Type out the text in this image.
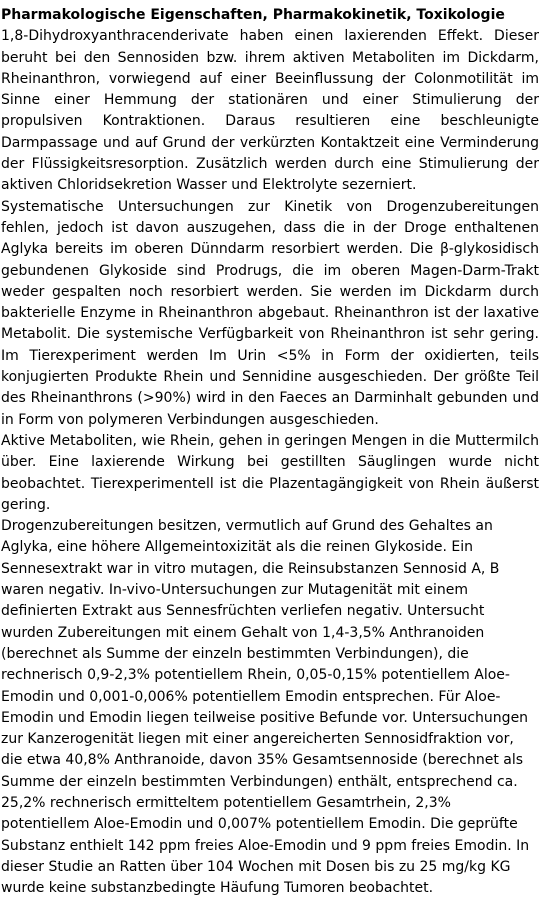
Pharmakologische Eigenschaften, Pharmakokinetik, Toxikologie

1,8-Dihydroxyanthracenderivate haben einen laxierenden Effekt. Dieser beruht bei den Sennosiden bzw. ihrem aktiven Metaboliten im Dickdarm, Rheinanthron, vorwiegend auf einer Beeinflussung der Colonmotilität im Sinne einer Hemmung der stationären und einer Stimulierung der propulsiven Kontraktionen. Daraus resultieren eine beschleunigte Darmpassage und auf Grund der verkürzten Kontaktzeit eine Verminderung der Flüssigkeitsresorption. Zusätzlich werden durch eine Stimulierung der aktiven Chloridsekretion Wasser und Elektrolyte sezerniert.

Systematische Untersuchungen zur Kinetik von Drogenzubereitungen fehlen, jedoch ist davon auszugehen, dass die in der Droge enthaltenen Aglyka bereits im oberen Dünndarm resorbiert werden. Die β-glykosidisch gebundenen Glykoside sind Prodrugs, die im oberen Magen-Darm-Trakt weder gespalten noch resorbiert werden. Sie werden im Dickdarm durch bakterielle Enzyme in Rheinanthron abgebaut. Rheinanthron ist der laxative Metabolit. Die systemische Verfügbarkeit von Rheinanthron ist sehr gering. Im Tierexperiment werden Im Urin <5% in Form der oxidierten, teils konjugierten Produkte Rhein und Sennidine ausgeschieden. Der größte Teil des Rheinanthrons (>90%) wird in den Faeces an Darminhalt gebunden und in Form von polymeren Verbindungen ausgeschieden.

Aktive Metaboliten, wie Rhein, gehen in geringen Mengen in die Muttermilch über. Eine laxierende Wirkung bei gestillten Säuglingen wurde nicht beobachtet. Tierexperimentell ist die Plazentagängigkeit von Rhein äußerst gering.

Drogenzubereitungen besitzen, vermutlich auf Grund des Gehaltes an Aglyka, eine höhere Allgemeintoxizität als die reinen Glykoside. Ein Sennesextrakt war in vitro mutagen, die Reinsubstanzen Sennosid A, B waren negativ. In-vivo-Untersuchungen zur Mutagenität mit einem definierten Extrakt aus Sennesfrüchten verliefen negativ. Untersucht wurden Zubereitungen mit einem Gehalt von 1,4-3,5% Anthranoiden (berechnet als Summe der einzeln bestimmten Verbindungen), die rechnerisch 0,9-2,3% potentiellem Rhein, 0,05-0,15% potentiellem Aloe-Emodin und 0,001-0,006% potentiellem Emodin entsprechen. Für Aloe-Emodin und Emodin liegen teilweise positive Befunde vor. Untersuchungen zur Kanzerogenität liegen mit einer angereicherten Sennosidfraktion vor, die etwa 40,8% Anthranoide, davon 35% Gesamtsennoside (berechnet als Summe der einzeln bestimmten Verbindungen) enthält, entsprechend ca. 25,2% rechnerisch ermitteltem potentiellem Gesamtrhein, 2,3% potentiellem Aloe-Emodin und 0,007% potentiellem Emodin. Die geprüfte Substanz enthielt 142 ppm freies Aloe-Emodin und 9 ppm freies Emodin. In dieser Studie an Ratten über 104 Wochen mit Dosen bis zu 25 mg/kg KG wurde keine substanzbedingte Häufung Tumoren beobachtet.
